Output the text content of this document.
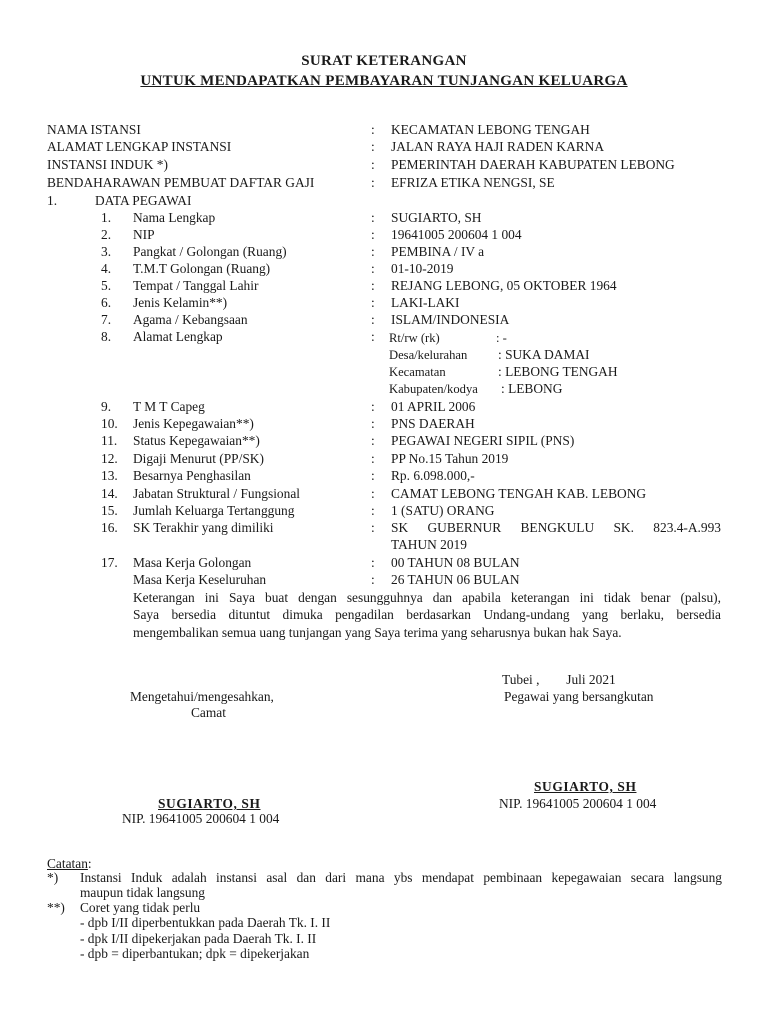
SURAT KETERANGAN
UNTUK MENDAPATKAN PEMBAYARAN TUNJANGAN KELUARGA
NAMA ISTANSI	: KECAMATAN LEBONG TENGAH
ALAMAT LENGKAP INSTANSI	: JALAN RAYA HAJI RADEN KARNA
INSTANSI INDUK *)	: PEMERINTAH DAERAH KABUPATEN LEBONG
BENDAHARAWAN PEMBUAT DAFTAR GAJI	: EFRIZA ETIKA NENGSI, SE
1.	DATA PEGAWAI
1. Nama Lengkap	: SUGIARTO, SH
2. NIP	: 19641005 200604 1 004
3. Pangkat / Golongan (Ruang)	: PEMBINA / IV a
4. T.M.T Golongan (Ruang)	: 01-10-2019
5. Tempat / Tanggal Lahir	: REJANG LEBONG, 05 OKTOBER 1964
6. Jenis Kelamin**)	: LAKI-LAKI
7. Agama / Kebangsaan	: ISLAM/INDONESIA
8. Alamat Lengkap	: Rt/rw (rk)	: -
Desa/kelurahan : SUKA DAMAI
Kecamatan	: LEBONG TENGAH
Kabupaten/kodya : LEBONG
9. T M T Capeg	: 01 APRIL 2006
10. Jenis Kepegawaian**)	: PNS DAERAH
11. Status Kepegawaian**)	: PEGAWAI NEGERI SIPIL (PNS)
12. Digaji Menurut (PP/SK)	: PP No.15 Tahun 2019
13. Besarnya Penghasilan	: Rp. 6.098.000,-
14. Jabatan Struktural / Fungsional	: CAMAT LEBONG TENGAH KAB. LEBONG
15. Jumlah Keluarga Tertanggung	: 1 (SATU) ORANG
16. SK Terakhir yang dimiliki	: SK GUBERNUR BENGKULU SK. 823.4-A.993
TAHUN 2019
17. Masa Kerja Golongan	: 00 TAHUN 08 BULAN
Masa Kerja Keseluruhan	: 26 TAHUN 06 BULAN
Keterangan ini Saya buat dengan sesungguhnya dan apabila keterangan ini tidak benar (palsu),
Saya bersedia dituntut dimuka pengadilan berdasarkan Undang-undang yang berlaku, bersedia
mengembalikan semua uang tunjangan yang Saya terima yang seharusnya bukan hak Saya.
Tubei ,        Juli 2021
Mengetahui/mengesahkan,	Pegawai yang bersangkutan
Camat
SUGIARTO, SH
SUGIARTO, SH	NIP. 19641005 200604 1 004
NIP. 19641005 200604 1 004
Catatan:
*) Instansi Induk adalah instansi asal dan dari mana ybs mendapat pembinaan kepegawaian secara langsung
maupun tidak langsung
**) Coret yang tidak perlu
- dpb I/II diperbentukkan pada Daerah Tk. I. II
- dpk I/II dipekerjakan pada Daerah Tk. I. II
- dpb = diperbantukan; dpk = dipekerjakan
